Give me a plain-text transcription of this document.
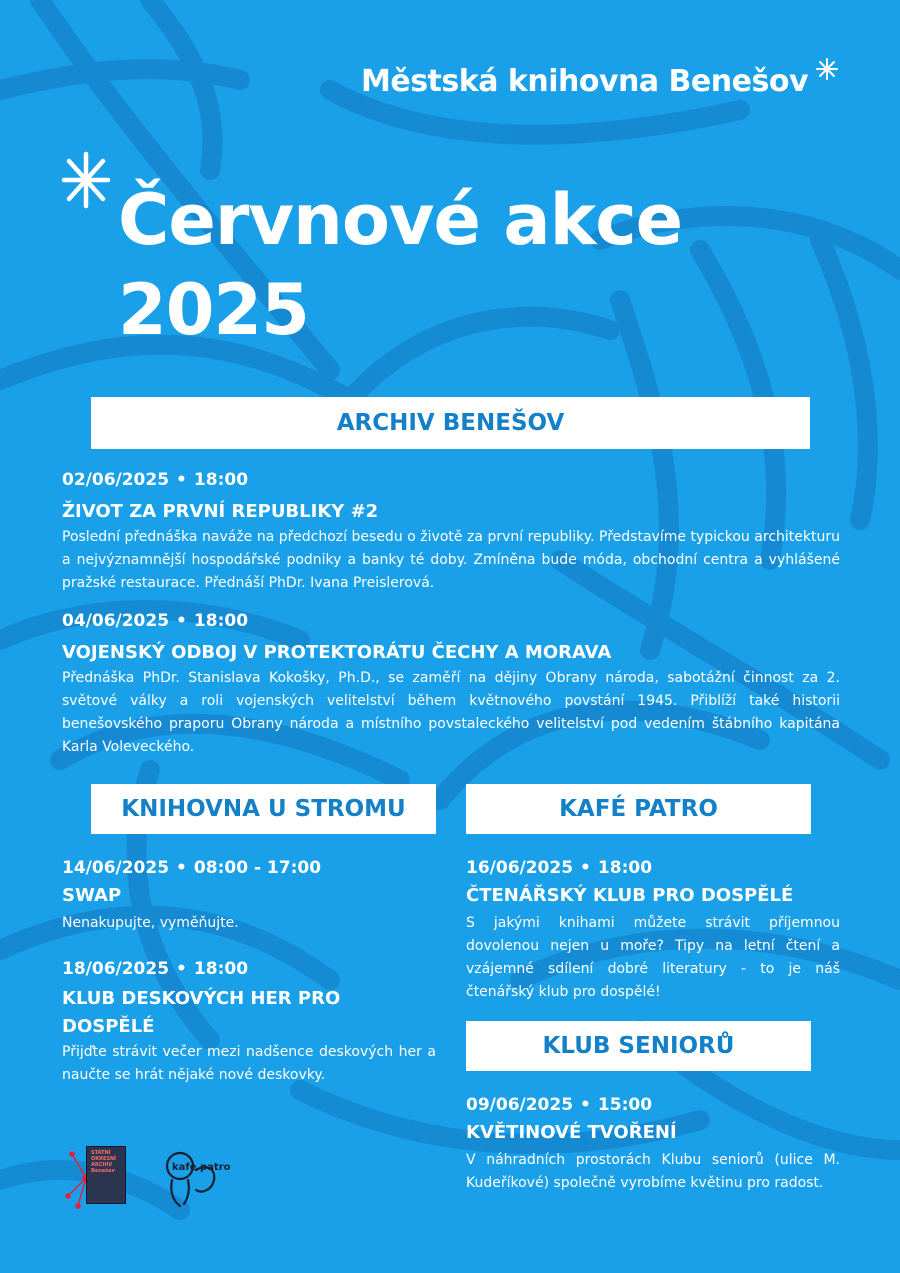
Městská knihovna Benešov
Červnové akce
2025
ARCHIV BENEŠOV
02/06/2025 • 18:00
ŽIVOT ZA PRVNÍ REPUBLIKY #2
Poslední přednáška naváže na předchozí besedu o životě za první republiky. Představíme typickou architekturu a nejvýznamnější hospodářské podniky a banky té doby. Zmíněna bude móda, obchodní centra a vyhlášené pražské restaurace. Přednáší PhDr. Ivana Preislerová.
04/06/2025 • 18:00
VOJENSKÝ ODBOJ V PROTEKTORÁTU ČECHY A MORAVA
Přednáška PhDr. Stanislava Kokošky, Ph.D., se zaměří na dějiny Obrany národa, sabotážní činnost za 2. světové války a roli vojenských velitelství během květnového povstání 1945. Přiblíží také historii benešovského praporu Obrany národa a místního povstaleckého velitelství pod vedením štábního kapitána Karla Voleveckého.
KNIHOVNA U STROMU
14/06/2025 • 08:00 - 17:00
SWAP
Nenakupujte, vyměňujte.
18/06/2025 • 18:00
KLUB DESKOVÝCH HER PRO DOSPĚLÉ
Přijďte strávit večer mezi nadšence deskových her a naučte se hrát nějaké nové deskovky.
KAFÉ PATRO
16/06/2025 • 18:00
ČTENÁŘSKÝ KLUB PRO DOSPĚLÉ
S jakými knihami můžete strávit příjemnou dovolenou nejen u moře? Tipy na letní čtení a vzájemné sdílení dobré literatury - to je náš čtenářský klub pro dospělé!
KLUB SENIORŮ
09/06/2025 • 15:00
KVĚTINOVÉ TVOŘENÍ
V náhradních prostorách Klubu seniorů (ulice M. Kudeříkové) společně vyrobíme květinu pro radost.
STÁTNÍ OKRESNÍ ARCHIV Benešov	kafe patro
